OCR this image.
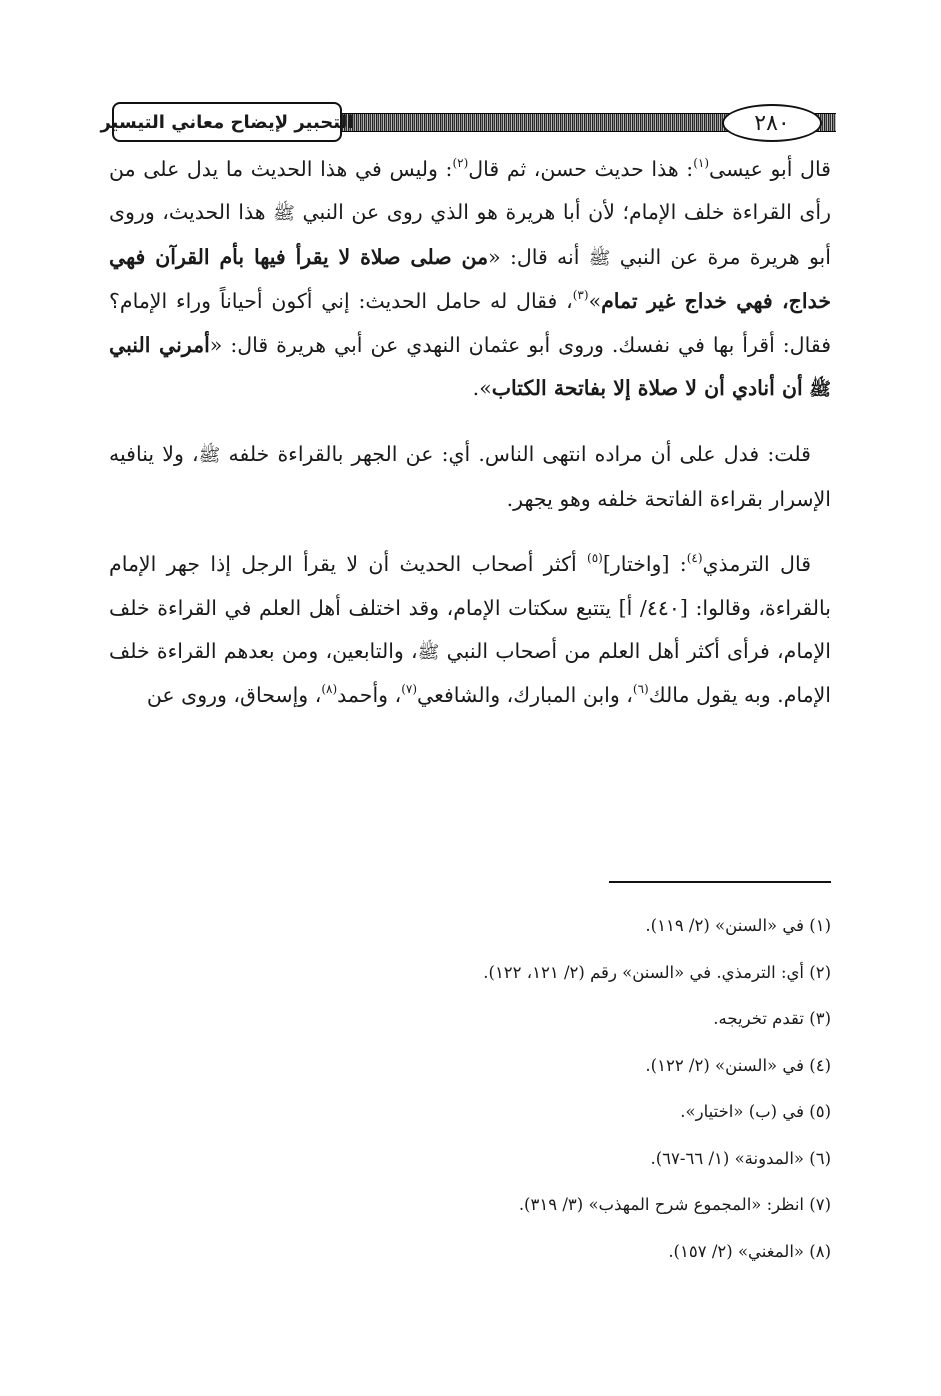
التحبير لإيضاح معاني التيسير	٢٨٠

قال أبو عيسى$^{(١)}$: هذا حديث حسن، ثم قال$^{(٢)}$: وليس في هذا الحديث ما يدل على من رأى القراءة خلف الإمام؛ لأن أبا هريرة هو الذي روى عن النبي ﷺ هذا الحديث، وروى أبو هريرة مرة عن النبي ﷺ أنه قال: «من صلى صلاة لا يقرأ فيها بأم القرآن فهي خداج، فهي خداج غير تمام»$^{(٣)}$، فقال له حامل الحديث: إني أكون أحياناً وراء الإمام؟ فقال: أقرأ بها في نفسك. وروى أبو عثمان النهدي عن أبي هريرة قال: «أمرني النبي ﷺ أن أنادي أن لا صلاة إلا بفاتحة الكتاب».

قلت: فدل على أن مراده انتهى الناس. أي: عن الجهر بالقراءة خلفه ﷺ، ولا ينافيه الإسرار بقراءة الفاتحة خلفه وهو يجهر.

قال الترمذي$^{(٤)}$: [واختار]$^{(٥)}$ أكثر أصحاب الحديث أن لا يقرأ الرجل إذا جهر الإمام بالقراءة، وقالوا: [٤٤٠/ أ] يتتبع سكتات الإمام، وقد اختلف أهل العلم في القراءة خلف الإمام، فرأى أكثر أهل العلم من أصحاب النبي ﷺ، والتابعين، ومن بعدهم القراءة خلف الإمام. وبه يقول مالك$^{(٦)}$، وابن المبارك، والشافعي$^{(٧)}$، وأحمد$^{(٨)}$، وإسحاق، وروى عن

(١) في «السنن» (٢/ ١١٩).
(٢) أي: الترمذي. في «السنن» رقم (٢/ ١٢١، ١٢٢).
(٣) تقدم تخريجه.
(٤) في «السنن» (٢/ ١٢٢).
(٥) في (ب) «اختيار».
(٦) «المدونة» (١/ ٦٦-٦٧).
(٧) انظر: «المجموع شرح المهذب» (٣/ ٣١٩).
(٨) «المغني» (٢/ ١٥٧).
